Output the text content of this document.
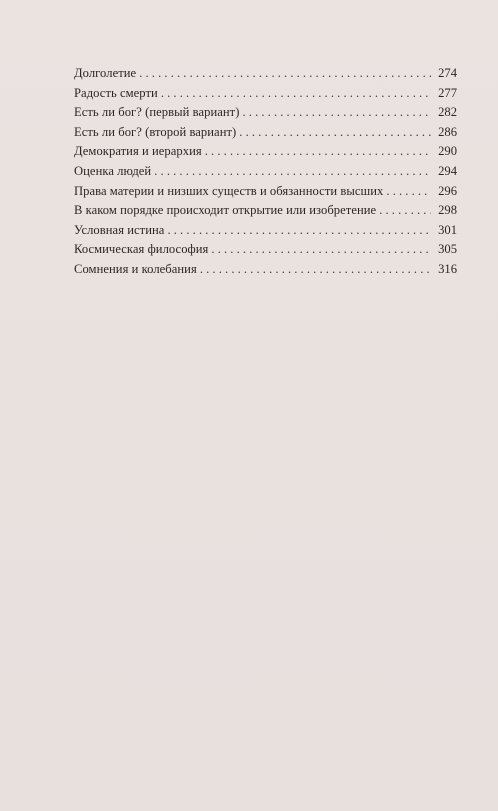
Долголетие . . .	274
Радость смерти . . .	277
Есть ли бог? (первый вариант) . . .	282
Есть ли бог? (второй вариант) . . .	286
Демократия и иерархия . . .	290
Оценка людей . . .	294
Права материи и низших существ и обязанности высших . . .	296
В каком порядке происходит открытие или изобретение . . .	298
Условная истина . . .	301
Космическая философия . . .	305
Сомнения и колебания . . .	316
